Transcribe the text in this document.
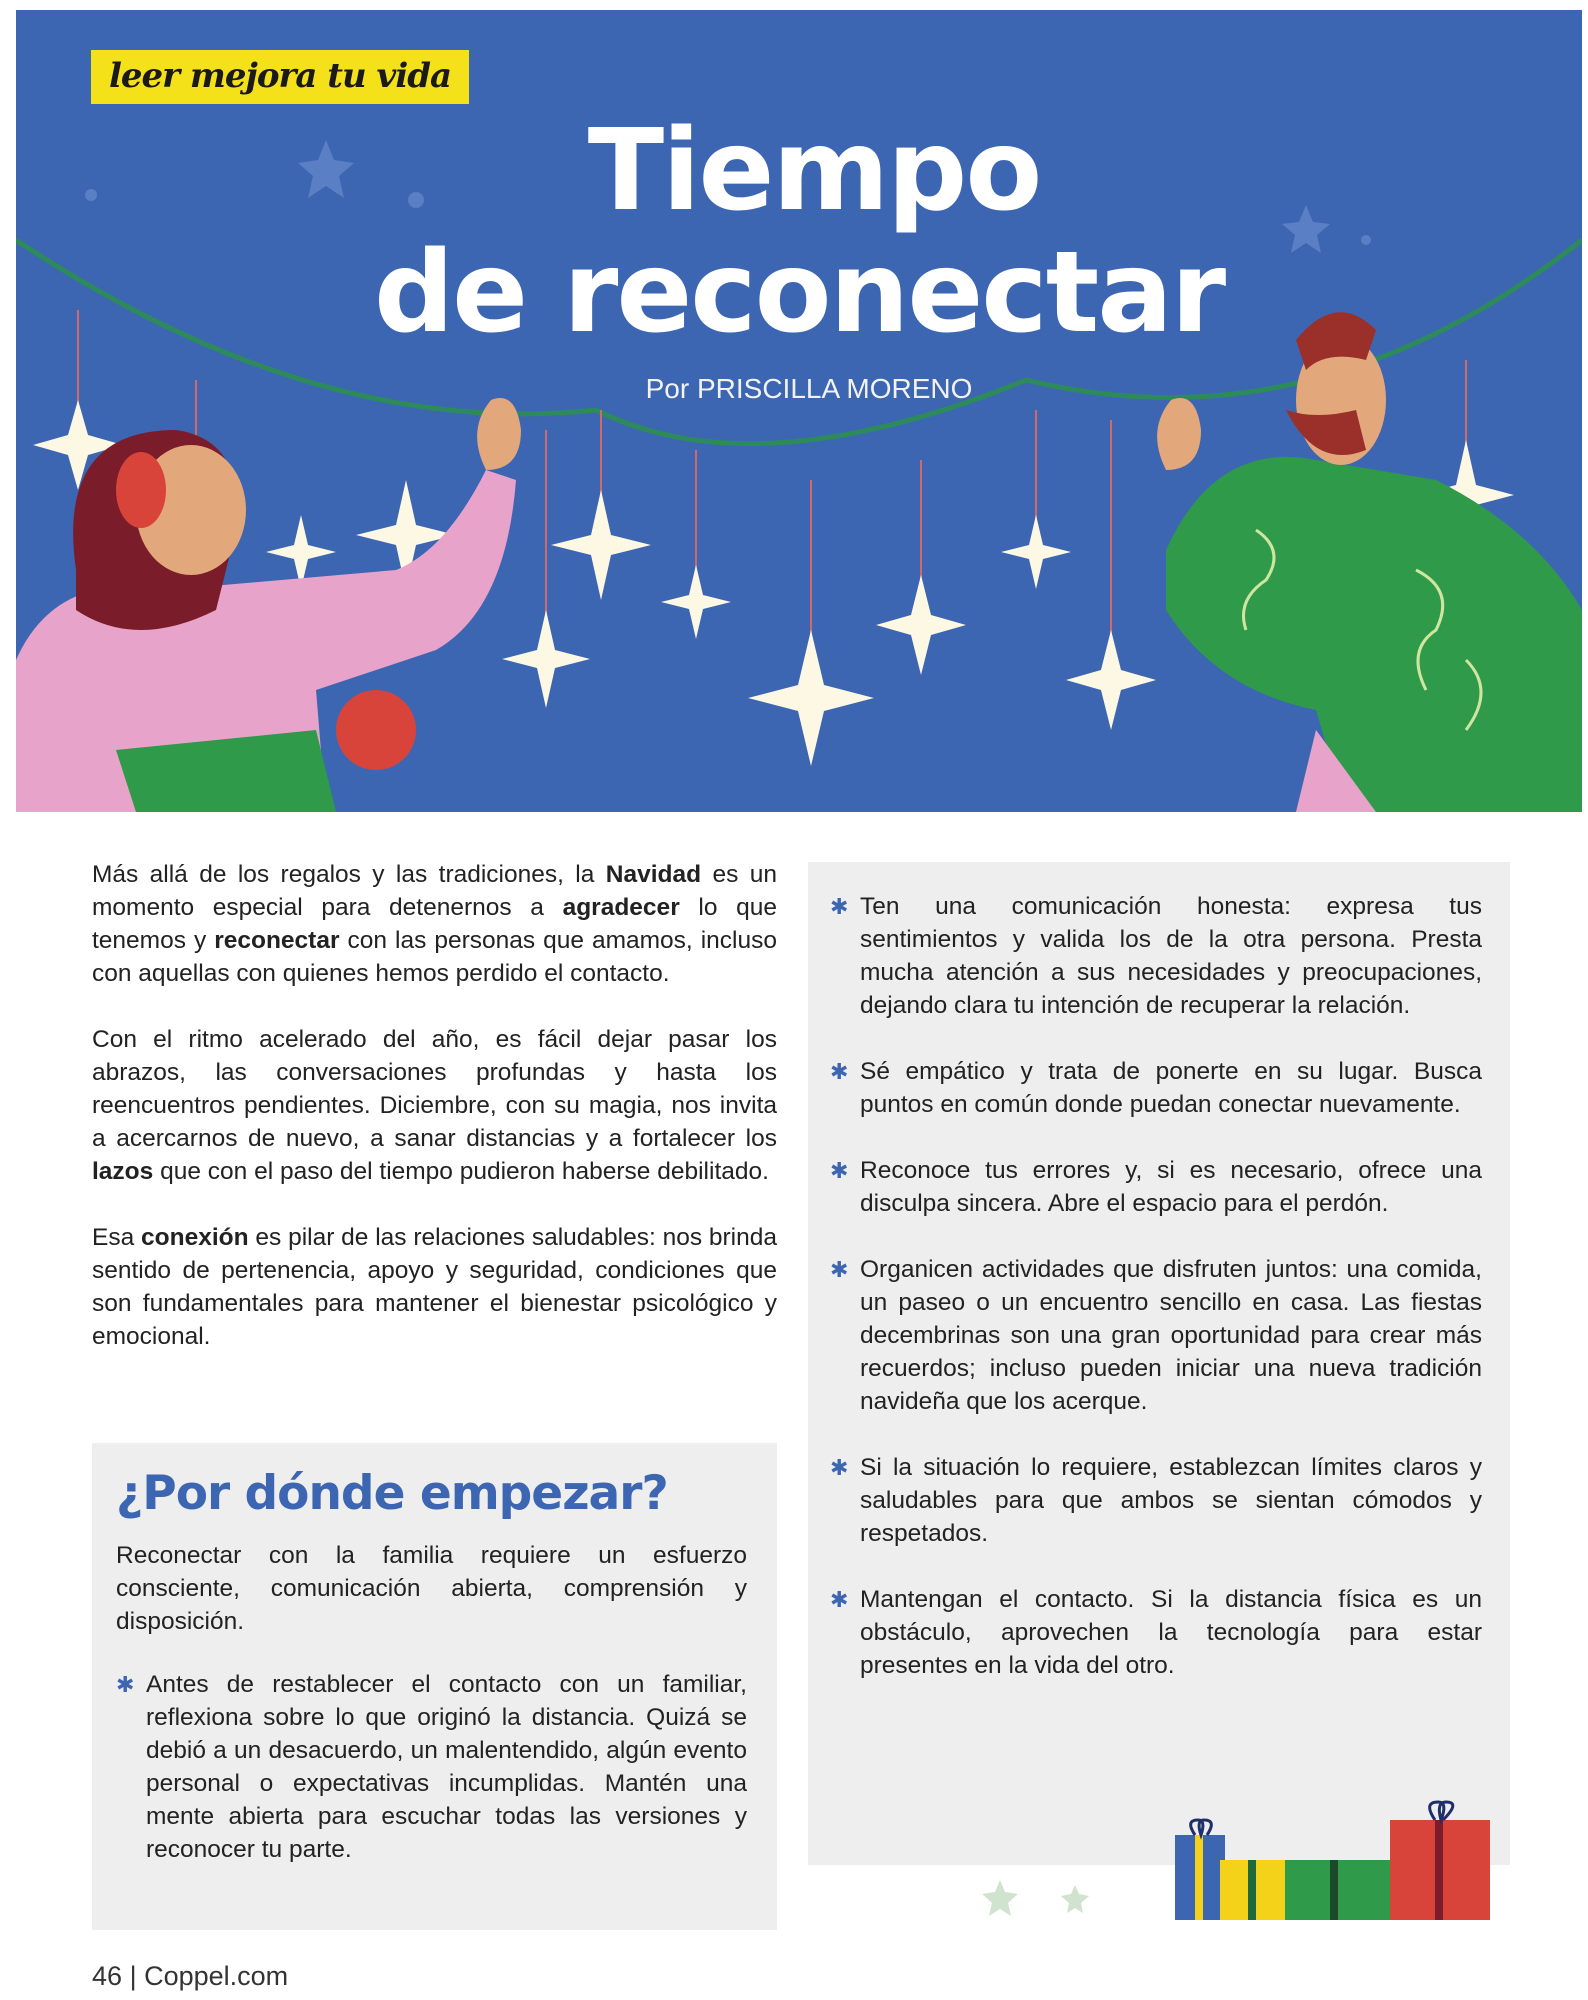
leer mejora tu vida
Tiempo
de reconectar
Por PRISCILLA MORENO

Más allá de los regalos y las tradiciones, la Navidad es un momento especial para detenernos a agradecer lo que tenemos y reconectar con las personas que amamos, incluso con aquellas con quienes hemos perdido el contacto.

Con el ritmo acelerado del año, es fácil dejar pasar los abrazos, las conversaciones profundas y hasta los reencuentros pendientes. Diciembre, con su magia, nos invita a acercarnos de nuevo, a sanar distancias y a fortalecer los lazos que con el paso del tiempo pudieron haberse debilitado.

Esa conexión es pilar de las relaciones saludables: nos brinda sentido de pertenencia, apoyo y seguridad, condiciones que son fundamentales para mantener el bienestar psicológico y emocional.

¿Por dónde empezar?

Reconectar con la familia requiere un esfuerzo consciente, comunicación abierta, comprensión y disposición.

✱ Antes de restablecer el contacto con un familiar, reflexiona sobre lo que originó la distancia. Quizá se debió a un desacuerdo, un malentendido, algún evento personal o expectativas incumplidas. Mantén una mente abierta para escuchar todas las versiones y reconocer tu parte.
✱ Ten una comunicación honesta: expresa tus sentimientos y valida los de la otra persona. Presta mucha atención a sus necesidades y preocupaciones, dejando clara tu intención de recuperar la relación.
✱ Sé empático y trata de ponerte en su lugar. Busca puntos en común donde puedan conectar nuevamente.
✱ Reconoce tus errores y, si es necesario, ofrece una disculpa sincera. Abre el espacio para el perdón.
✱ Organicen actividades que disfruten juntos: una comida, un paseo o un encuentro sencillo en casa. Las fiestas decembrinas son una gran oportunidad para crear más recuerdos; incluso pueden iniciar una nueva tradición navideña que los acerque.
✱ Si la situación lo requiere, establezcan límites claros y saludables para que ambos se sientan cómodos y respetados.
✱ Mantengan el contacto. Si la distancia física es un obstáculo, aprovechen la tecnología para estar presentes en la vida del otro.
46 | Coppel.com
